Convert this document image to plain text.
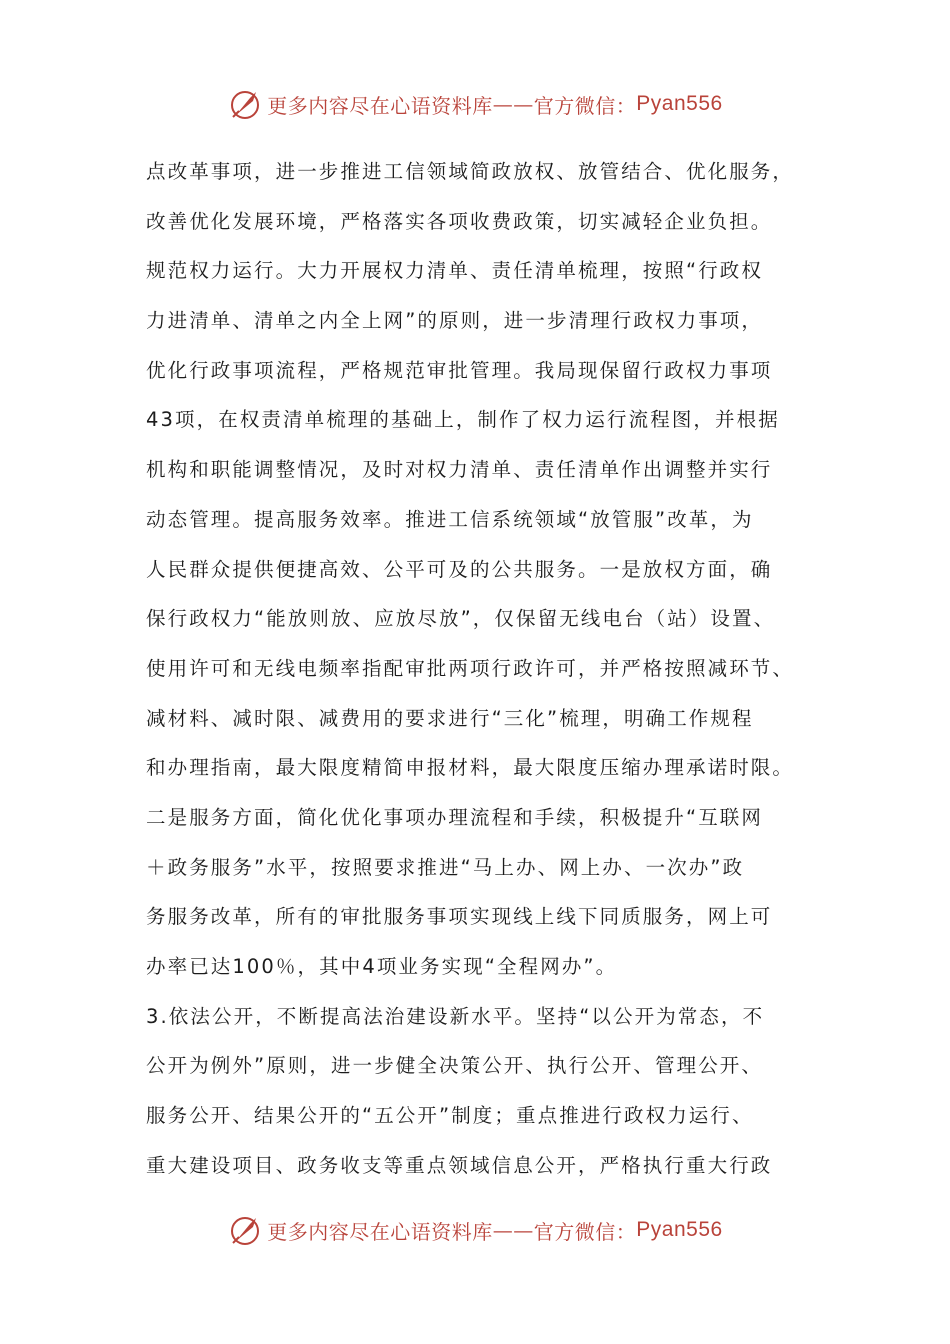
更多内容尽在心语资料库 —— 官方微信： Pyan556
点改革事项，进一步推进工信领域简政放权、放管结合、优化服务，
改善优化发展环境，严格落实各项收费政策，切实减轻企业负担。
规范权力运行。大力开展权力清单、责任清单梳理，按照“行政权
力进清单、清单之内全上网”的原则，进一步清理行政权力事项，
优化行政事项流程，严格规范审批管理。我局现保留行政权力事项
43项，在权责清单梳理的基础上，制作了权力运行流程图，并根据
机构和职能调整情况，及时对权力清单、责任清单作出调整并实行
动态管理。提高服务效率。推进工信系统领域“放管服”改革，为
人民群众提供便捷高效、公平可及的公共服务。一是放权方面，确
保行政权力“能放则放、应放尽放”，仅保留无线电台（站）设置、
使用许可和无线电频率指配审批两项行政许可，并严格按照减环节、
减材料、减时限、减费用的要求进行“三化”梳理，明确工作规程
和办理指南，最大限度精简申报材料，最大限度压缩办理承诺时限。
二是服务方面，简化优化事项办理流程和手续，积极提升“互联网
＋政务服务”水平，按照要求推进“马上办、网上办、一次办”政
务服务改革，所有的审批服务事项实现线上线下同质服务，网上可
办率已达100％，其中4项业务实现“全程网办”。
3.依法公开，不断提高法治建设新水平。坚持“以公开为常态，不
公开为例外”原则，进一步健全决策公开、执行公开、管理公开、
服务公开、结果公开的“五公开”制度；重点推进行政权力运行、
重大建设项目、政务收支等重点领域信息公开，严格执行重大行政
更多内容尽在心语资料库 —— 官方微信： Pyan556
